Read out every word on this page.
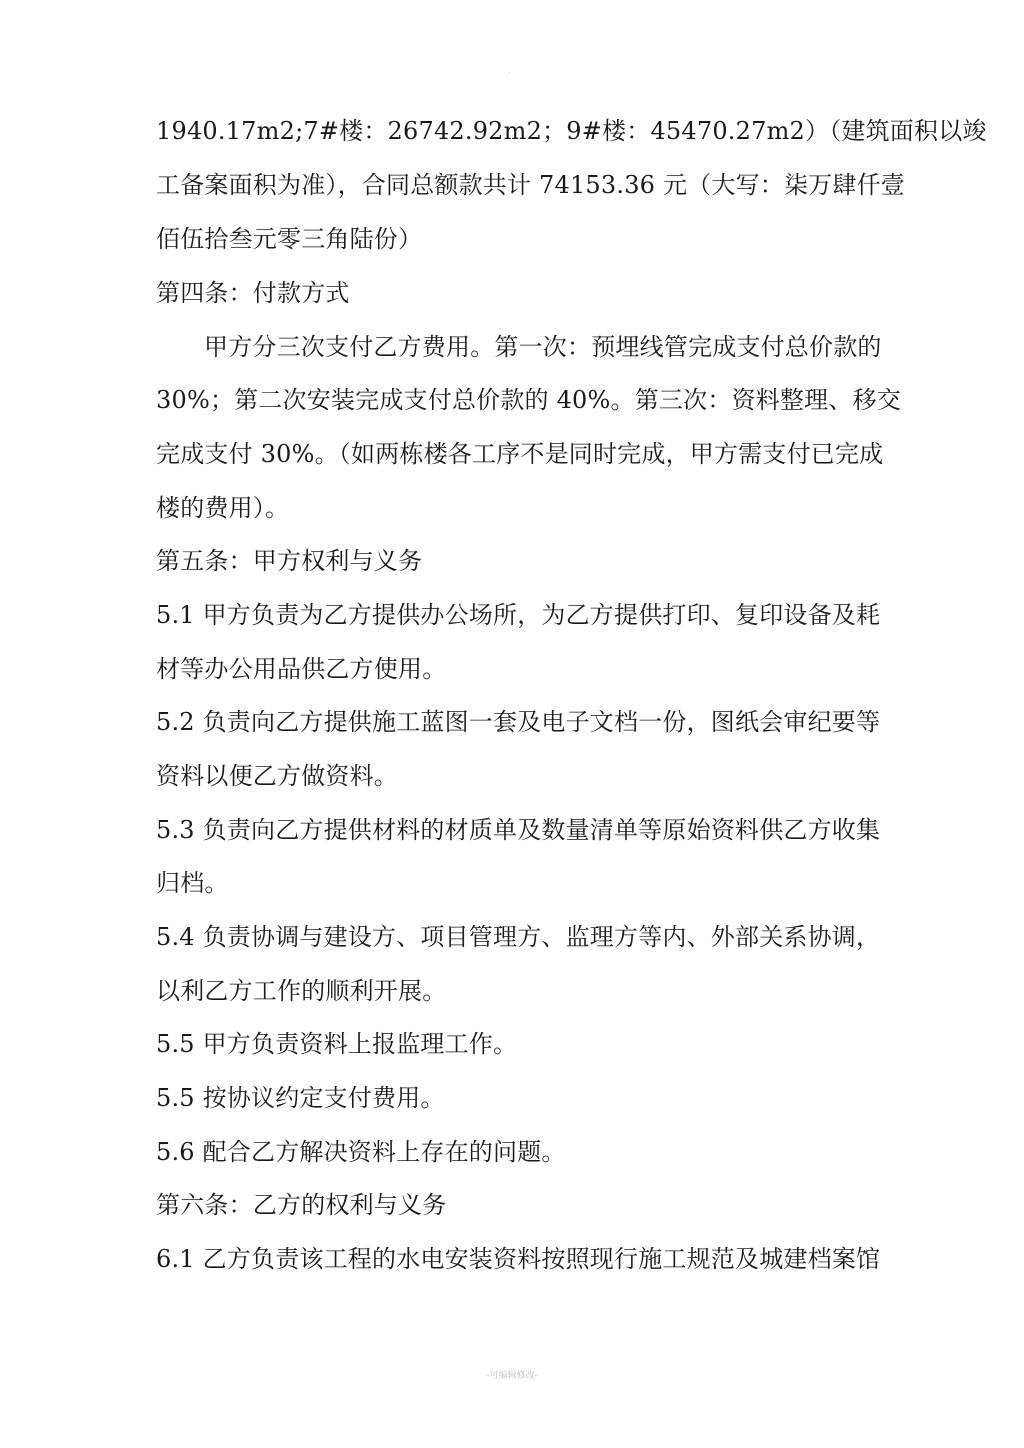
.
1940.17m2;7#楼：26742.92m2；9#楼：45470.27m2）（建筑面积以竣
工备案面积为准），合同总额款共计 74153.36 元（大写：柒万肆仟壹
佰伍拾叁元零三角陆份）
第四条：付款方式
甲方分三次支付乙方费用。第一次：预埋线管完成支付总价款的
30%；第二次安装完成支付总价款的 40%。第三次：资料整理、移交
完成支付 30%。（如两栋楼各工序不是同时完成，甲方需支付已完成
楼的费用）。
第五条：甲方权利与义务
5.1 甲方负责为乙方提供办公场所，为乙方提供打印、复印设备及耗
材等办公用品供乙方使用。
5.2 负责向乙方提供施工蓝图一套及电子文档一份，图纸会审纪要等
资料以便乙方做资料。
5.3 负责向乙方提供材料的材质单及数量清单等原始资料供乙方收集
归档。
5.4 负责协调与建设方、项目管理方、监理方等内、外部关系协调，
以利乙方工作的顺利开展。
5.5 甲方负责资料上报监理工作。
5.5 按协议约定支付费用。
5.6 配合乙方解决资料上存在的问题。
第六条：乙方的权利与义务
6.1 乙方负责该工程的水电安装资料按照现行施工规范及城建档案馆
-可编辑修改-
